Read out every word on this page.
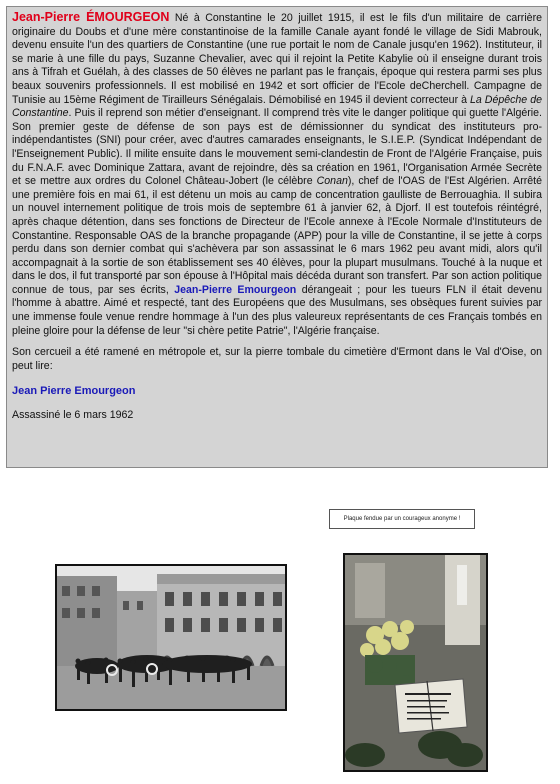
Jean-Pierre ÉMOURGEON Né à Constantine le 20 juillet 1915, il est le fils d'un militaire de carrière originaire du Doubs et d'une mère constantinoise de la famille Canale ayant fondé le village de Sidi Mabrouk, devenu ensuite l'un des quartiers de Constantine (une rue portait le nom de Canale jusqu'en 1962). Instituteur, il se marie à une fille du pays, Suzanne Chevalier, avec qui il rejoint la Petite Kabylie où il enseigne durant trois ans à Tifrah et Guélah, à des classes de 50 élèves ne parlant pas le français, époque qui restera parmi ses plus beaux souvenirs professionnels. Il est mobilisé en 1942 et sort officier de l'Ecole deCherchell. Campagne de Tunisie au 15ème Régiment de Tirailleurs Sénégalais. Démobilisé en 1945 il devient correcteur à La Dépêche de Constantine. Puis il reprend son métier d'enseignant. Il comprend très vite le danger politique qui guette l'Algérie. Son premier geste de défense de son pays est de démissionner du syndicat des instituteurs pro-indépendantistes (SNI) pour créer, avec d'autres camarades enseignants, le S.I.E.P. (Syndicat Indépendant de l'Enseignement Public). Il milite ensuite dans le mouvement semi-clandestin de Front de l'Algérie Française, puis du F.N.A.F. avec Dominique Zattara, avant de rejoindre, dès sa création en 1961, l'Organisation Armée Secrète et se mettre aux ordres du Colonel Château-Jobert (le célèbre Conan), chef de l'OAS de l'Est Algérien. Arrêté une première fois en mai 61, il est détenu un mois au camp de concentration gaulliste de Berrouaghia. Il subira un nouvel internement politique de trois mois de septembre 61 à janvier 62, à Djorf. Il est toutefois réintégré, après chaque détention, dans ses fonctions de Directeur de l'Ecole annexe à l'Ecole Normale d'Instituteurs de Constantine. Responsable OAS de la branche propagande (APP) pour la ville de Constantine, il se jette à corps perdu dans son dernier combat qui s'achèvera par son assassinat le 6 mars 1962 peu avant midi, alors qu'il accompagnait à la sortie de son établissement ses 40 élèves, pour la plupart musulmans. Touché à la nuque et dans le dos, il fut transporté par son épouse à l'Hôpital mais décéda durant son transfert. Par son action politique connue de tous, par ses écrits, Jean-Pierre Emourgeon dérangeait ; pour les tueurs FLN il était devenu l'homme à abattre. Aimé et respecté, tant des Européens que des Musulmans, ses obsèques furent suivies par une immense foule venue rendre hommage à l'un des plus valeureux représentants de ces Français tombés en pleine gloire pour la défense de leur "si chère petite Patrie", l'Algérie française.

Son cercueil a été ramené en métropole et, sur la pierre tombale du cimetière d'Ermont dans le Val d'Oise, on peut lire:

Jean Pierre Emourgeon

Assassiné le 6 mars 1962

Plaque fendue par un courageux anonyme !
